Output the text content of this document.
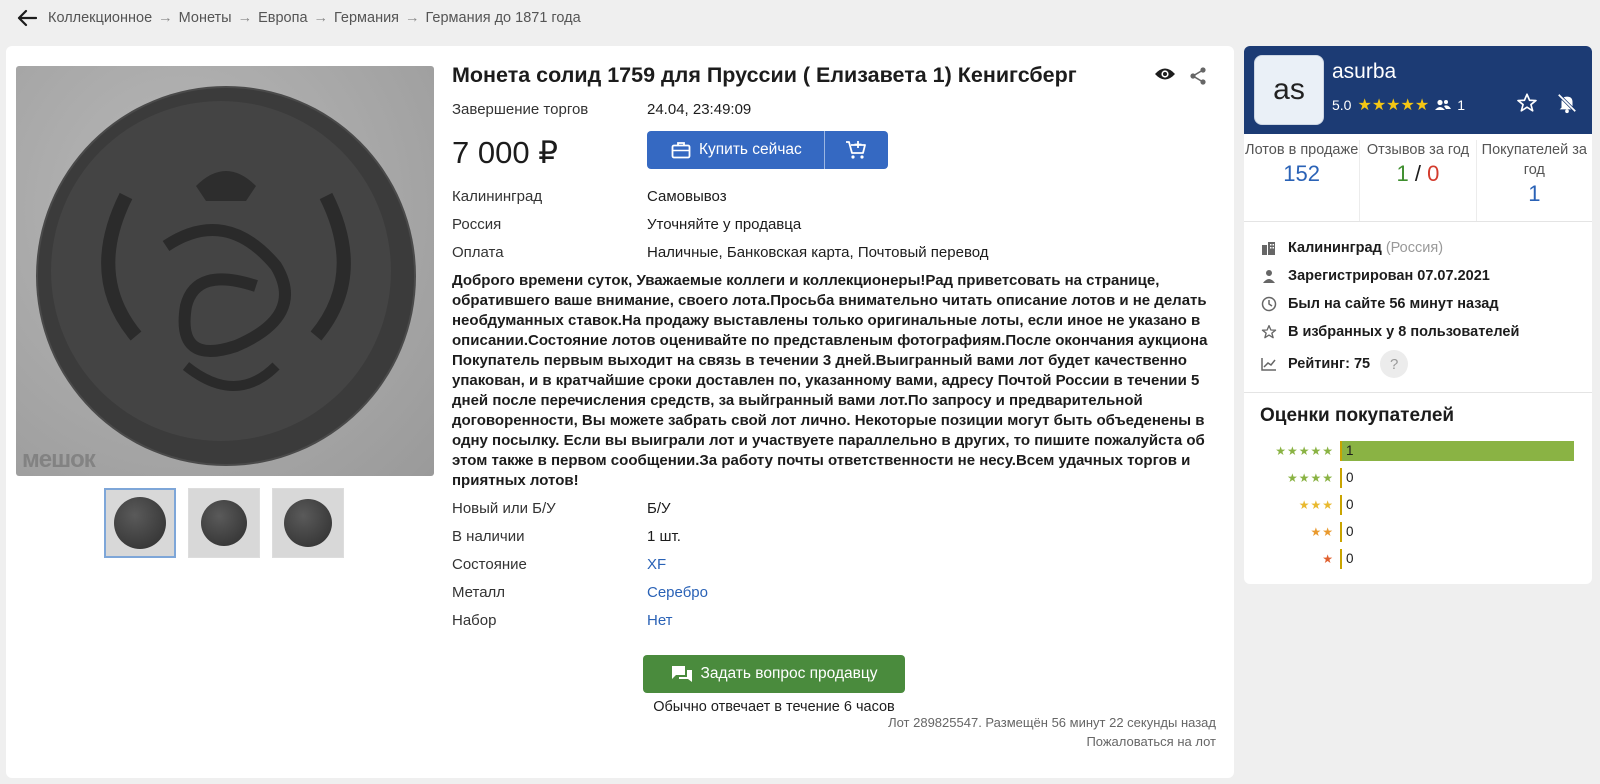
Коллекционное → Монеты → Европа → Германия → Германия до 1871 года
мешок
Монета солид 1759 для Пруссии ( Елизавета 1) Кенигсберг
Завершение торгов	24.04, 23:49:09
7 000 ₽	Купить сейчас
Калининград	Самовывоз
Россия	Уточняйте у продавца
Оплата	Наличные, Банковская карта, Почтовый перевод
Доброго времени суток, Уважаемые коллеги и коллекционеры!Рад приветсовать на странице, обратившего ваше внимание, своего лота.Просьба внимательно читать описание лотов и не делать необдуманных ставок.На продажу выставлены только оригинальные лоты, если иное не указано в описании.Состояние лотов оценивайте по представленым фотографиям.После окончания аукциона Покупатель первым выходит на связь в течении 3 дней.Выигранный вами лот будет качественно упакован, и в кратчайшие сроки доставлен по, указанному вами, адресу Почтой России в течении 5 дней после перечисления средств, за выйгранный вами лот.По запросу и предварительной договоренности, Вы можете забрать свой лот лично. Некоторые позиции могут быть объеденены в одну посылку. Если вы выиграли лот и участвуете параллельно в других, то пишите пожалуйста об этом также в первом сообщении.За работу почты ответственности не несу.Всем удачных торгов и приятных лотов!
Новый или Б/У	Б/У
В наличии	1 шт.
Состояние	XF
Металл	Серебро
Набор	Нет
Задать вопрос продавцу
Обычно отвечает в течение 6 часов
Лот 289825547. Размещён 56 минут 22 секунды назад
Пожаловаться на лот
as
asurba
5.0 ★★★★★ 1
Лотов в продаже
152
Отзывов за год
1 / 0
Покупателей за год
1
Калининград (Россия)
Зарегистрирован
07.07.2021
Был на сайте
56 минут назад
В избранных у
8 пользователей
Рейтинг:
75	?
Оценки покупателей
★★★★★ 1
★★★★ 0
★★★ 0
★★ 0
★ 0
